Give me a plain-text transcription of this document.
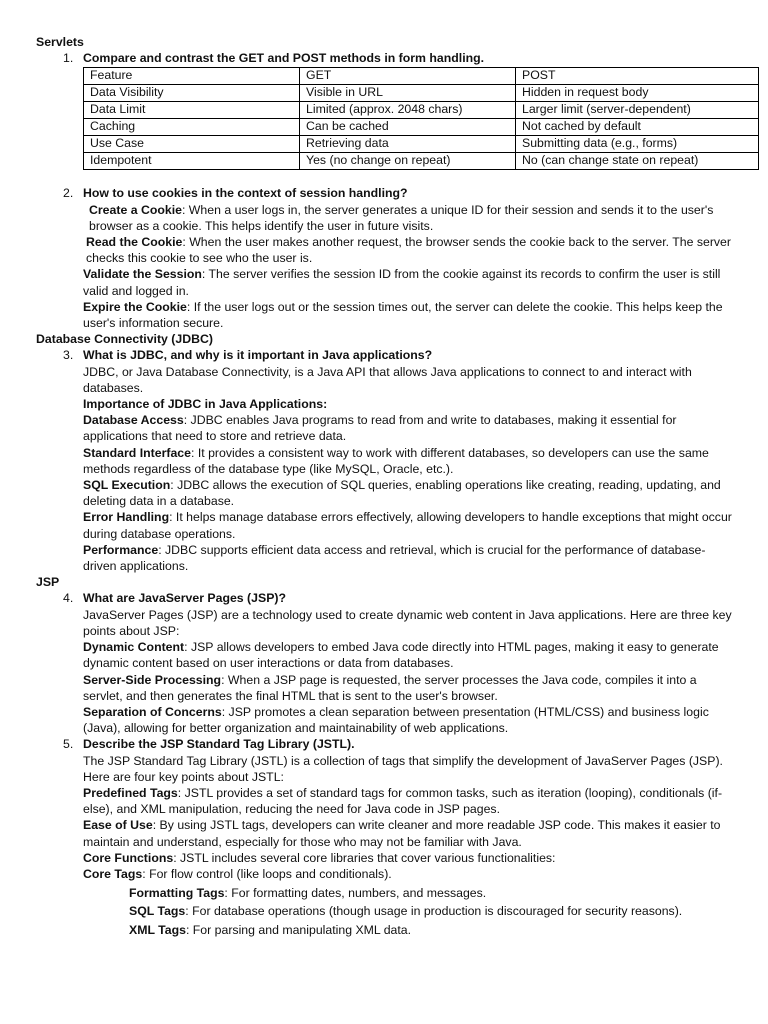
Servlets

1. Compare and contrast the GET and POST methods in form handling.
Feature	GET	POST
Data Visibility	Visible in URL	Hidden in request body
Data Limit	Limited (approx. 2048 chars)	Larger limit (server-dependent)
Caching	Can be cached	Not cached by default
Use Case	Retrieving data	Submitting data (e.g., forms)
Idempotent	Yes (no change on repeat)	No (can change state on repeat)
2. How to use cookies in the context of session handling?

Create a Cookie: When a user logs in, the server generates a unique ID for their session and sends it to the user's browser as a cookie. This helps identify the user in future visits.

Read the Cookie: When the user makes another request, the browser sends the cookie back to the server. The server checks this cookie to see who the user is.

Validate the Session: The server verifies the session ID from the cookie against its records to confirm the user is still valid and logged in.

Expire the Cookie: If the user logs out or the session times out, the server can delete the cookie. This helps keep the user's information secure.

Database Connectivity (JDBC)

3. What is JDBC, and why is it important in Java applications?

JDBC, or Java Database Connectivity, is a Java API that allows Java applications to connect to and interact with databases.

Importance of JDBC in Java Applications:

Database Access: JDBC enables Java programs to read from and write to databases, making it essential for applications that need to store and retrieve data.

Standard Interface: It provides a consistent way to work with different databases, so developers can use the same methods regardless of the database type (like MySQL, Oracle, etc.).

SQL Execution: JDBC allows the execution of SQL queries, enabling operations like creating, reading, updating, and deleting data in a database.

Error Handling: It helps manage database errors effectively, allowing developers to handle exceptions that might occur during database operations.

Performance: JDBC supports efficient data access and retrieval, which is crucial for the performance of database-driven applications.

JSP

4. What are JavaServer Pages (JSP)?

JavaServer Pages (JSP) are a technology used to create dynamic web content in Java applications. Here are three key points about JSP:

Dynamic Content: JSP allows developers to embed Java code directly into HTML pages, making it easy to generate dynamic content based on user interactions or data from databases.

Server-Side Processing: When a JSP page is requested, the server processes the Java code, compiles it into a servlet, and then generates the final HTML that is sent to the user's browser.

Separation of Concerns: JSP promotes a clean separation between presentation (HTML/CSS) and business logic (Java), allowing for better organization and maintainability of web applications.

5. Describe the JSP Standard Tag Library (JSTL).

The JSP Standard Tag Library (JSTL) is a collection of tags that simplify the development of JavaServer Pages (JSP). Here are four key points about JSTL:

Predefined Tags: JSTL provides a set of standard tags for common tasks, such as iteration (looping), conditionals (if-else), and XML manipulation, reducing the need for Java code in JSP pages.

Ease of Use: By using JSTL tags, developers can write cleaner and more readable JSP code. This makes it easier to maintain and understand, especially for those who may not be familiar with Java.

Core Functions: JSTL includes several core libraries that cover various functionalities:

Core Tags: For flow control (like loops and conditionals).

Formatting Tags: For formatting dates, numbers, and messages.

SQL Tags: For database operations (though usage in production is discouraged for security reasons).

XML Tags: For parsing and manipulating XML data.
